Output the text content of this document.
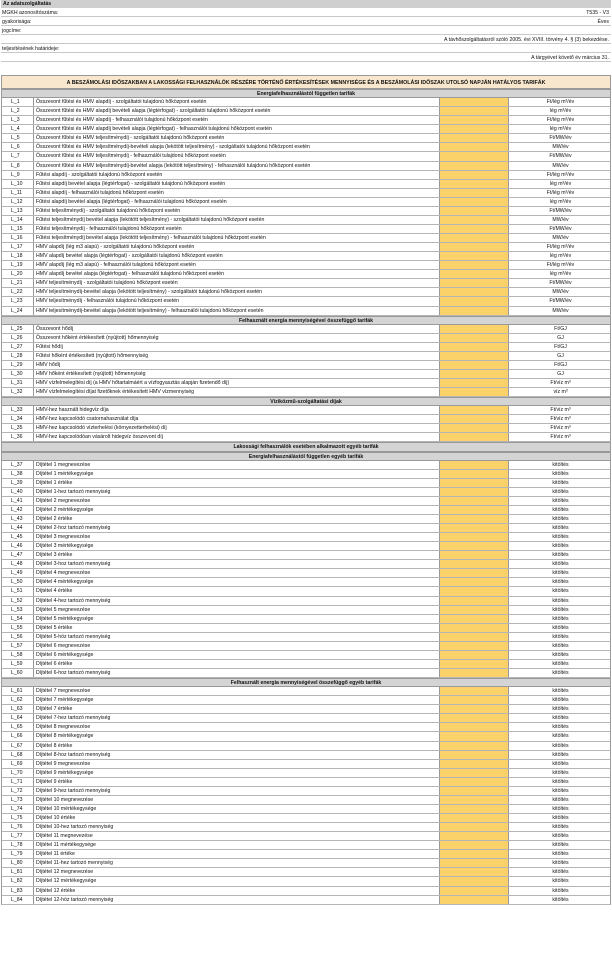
Az adatszolgáltatás
MGKH azonosítószáma:	T535 - V3
gyakorisága:	Éves
jogcíme:
A távhőszolgáltatásról szóló 2005. évi XVIII. törvény 4. § (3) bekezdése.
teljesítésének határideje:
A tárgyévet követő év március 31.
A BESZÁMOLÁSI IDŐSZAKBAN A LAKOSSÁGI FELHASZNÁLÓK RÉSZÉRE TÖRTÉNŐ ÉRTÉKESÍTÉSEK MENNYISÉGE ÉS A BESZÁMOLÁSI IDŐSZAK UTOLSÓ NAPJÁN HATÁLYOS TARIFÁK
Energiafelhasználástól független tarifák
L_1	Összevont fűtési és HMV alapdíj - szolgáltatói tulajdonú hőközpont esetén	Ft/lég m³/év
L_2	Összevont fűtési és HMV alapdíj bevételi alapja (légtérfogat) - szolgáltatói tulajdonú hőközpont esetén	lég m³/év
L_3	Összevont fűtési és HMV alapdíj - felhasználói tulajdonú hőközpont esetén	Ft/lég m³/év
L_4	Összevont fűtési és HMV alapdíj bevételi alapja (légtérfogat) - felhasználói tulajdonú hőközpont esetén	lég m³/év
L_5	Összevont fűtési és HMV teljesítménydíj - szolgáltatói tulajdonú hőközpont esetén	Ft/MW/év
L_6	Összevont fűtési és HMV teljesítménydíj-bevételi alapja (lekötött teljesítmény) - szolgáltatói tulajdonú hőközpont esetén	MW/év
L_7	Összevont fűtési és HMV teljesítménydíj - felhasználói tulajdonú hőközpont esetén	Ft/MW/év
L_8	Összevont fűtési és HMV teljesítménydíj-bevétel alapja (lekötött teljesítmény) - felhasználói tulajdonú hőközpont esetén	MW/év
L_9	Fűtési alapdíj - szolgáltatói tulajdonú hőközpont esetén	Ft/lég m³/év
L_10	Fűtési alapdíj bevétel alapja (légtérfogat) - szolgáltatói tulajdonú hőközpont esetén	lég m³/év
L_11	Fűtési alapdíj - felhasználói tulajdonú hőközpont esetén	Ft/lég m³/év
L_12	Fűtési alapdíj bevétel alapja (légtérfogat) - felhasználói tulajdonú hőközpont esetén	lég m³/év
L_13	Fűtési teljesítménydíj - szolgáltatói tulajdonú hőközpont esetén	Ft/MW/év
L_14	Fűtési teljesítménydíj bevétel alapja (lekötött teljesítmény) - szolgáltatói tulajdonú hőközpont esetén	MW/év
L_15	Fűtési teljesítménydíj - felhasználói tulajdonú hőközpont esetén	Ft/MW/év
L_16	Fűtési teljesítménydíj bevétel alapja (lekötött teljesítmény) - felhasználói tulajdonú hőközpont esetén	MW/év
L_17	HMV alapdíj (lég m3 alapú) - szolgáltatói tulajdonú hőközpont esetén	Ft/lég m³/év
L_18	HMV alapdíj bevétel alapja (légtérfogat) - szolgáltatói tulajdonú hőközpont esetén	lég m³/év
L_19	HMV alapdíj (lég m3 alapú) - felhasználói tulajdonú hőközpont esetén	Ft/lég m³/év
L_20	HMV alapdíj bevétel alapja (légtérfogat) - felhasználói tulajdonú hőközpont esetén	lég m³/év
L_21	HMV teljesítménydíj - szolgáltatói tulajdonú hőközpont esetén	Ft/MW/év
L_22	HMV teljesítménydíj-bevétel alapja (lekötött teljesítmény) - szolgáltatói tulajdonú hőközpont esetén	MW/év
L_23	HMV teljesítménydíj - felhasználói tulajdonú hőközpont esetén	Ft/MW/év
L_24	HMV teljesítménydíj-bevétel alapja (lekötött teljesítmény) - felhasználói tulajdonú hőközpont esetén	MW/év
Felhasznált energia mennyiségével összefüggő tarifák
L_25	Összevont hődíj	Ft/GJ
L_26	Összevont hőként értékesített (nyújtott) hőmennyiség	GJ
L_27	Fűtési hődíj	Ft/GJ
L_28	Fűtési hőként értékesített (nyújtott) hőmennyiség	GJ
L_29	HMV hődíj	Ft/GJ
L_30	HMV hőként értékesített (nyújtott) hőmennyiség	GJ
L_31	HMV vízfelmelegítési díj (a HMV hőtartalmáért a vízfogyasztás alapján fizetendő díj)	Ft/víz m³
L_32	HMV vízfelmelegítési díjat fizetőknek értékesített HMV vízmennyiség	víz m³
Víziközmű-szolgáltatási díjak
L_33	HMV-hez használt hidegvíz díja	Ft/víz m³
L_34	HMV-hez kapcsolódó csatornahasználat díja	Ft/víz m³
L_35	HMV-hez kapcsolódó vízterhelési (környezetterhelési) díj	Ft/víz m³
L_36	HMV-hez kapcsolódóan vásárolt hidegvíz összevont díj	Ft/víz m³
Lakossági felhasználók esetében alkalmazott egyéb tarifák
Energiafelhasználástól független egyéb tarifák
L_37	Díjtétel 1 megnevezése	kitöltés
L_38	Díjtétel 1 mértékegysége	kitöltés
L_39	Díjtétel 1 értéke	kitöltés
L_40	Díjtétel 1-hez tartozó mennyiség	kitöltés
L_41	Díjtétel 2 megnevezése	kitöltés
L_42	Díjtétel 2 mértékegysége	kitöltés
L_43	Díjtétel 2 értéke	kitöltés
L_44	Díjtétel 2-hoz tartozó mennyiség	kitöltés
L_45	Díjtétel 3 megnevezése	kitöltés
L_46	Díjtétel 3 mértékegysége	kitöltés
L_47	Díjtétel 3 értéke	kitöltés
L_48	Díjtétel 3-hoz tartozó mennyiség	kitöltés
L_49	Díjtétel 4 megnevezése	kitöltés
L_50	Díjtétel 4 mértékegysége	kitöltés
L_51	Díjtétel 4 értéke	kitöltés
L_52	Díjtétel 4-hez tartozó mennyiség	kitöltés
L_53	Díjtétel 5 megnevezése	kitöltés
L_54	Díjtétel 5 mértékegysége	kitöltés
L_55	Díjtétel 5 értéke	kitöltés
L_56	Díjtétel 5-höz tartozó mennyiség	kitöltés
L_57	Díjtétel 6 megnevezése	kitöltés
L_58	Díjtétel 6 mértékegysége	kitöltés
L_59	Díjtétel 6 értéke	kitöltés
L_60	Díjtétel 6-hoz tartozó mennyiség	kitöltés
Felhasznált energia mennyiségével összefüggő egyéb tarifák
L_61	Díjtétel 7 megnevezése	kitöltés
L_62	Díjtétel 7 mértékegysége	kitöltés
L_63	Díjtétel 7 értéke	kitöltés
L_64	Díjtétel 7-hez tartozó mennyiség	kitöltés
L_65	Díjtétel 8 megnevezése	kitöltés
L_66	Díjtétel 8 mértékegysége	kitöltés
L_67	Díjtétel 8 értéke	kitöltés
L_68	Díjtétel 8-hoz tartozó mennyiség	kitöltés
L_69	Díjtétel 9 megnevezése	kitöltés
L_70	Díjtétel 9 mértékegysége	kitöltés
L_71	Díjtétel 9 értéke	kitöltés
L_72	Díjtétel 9-hez tartozó mennyiség	kitöltés
L_73	Díjtétel 10 megnevezése	kitöltés
L_74	Díjtétel 10 mértékegysége	kitöltés
L_75	Díjtétel 10 értéke	kitöltés
L_76	Díjtétel 10-hez tartozó mennyiség	kitöltés
L_77	Díjtétel 11 megnevezése	kitöltés
L_78	Díjtétel 11 mértékegysége	kitöltés
L_79	Díjtétel 11 értéke	kitöltés
L_80	Díjtétel 11-hez tartozó mennyiség	kitöltés
L_81	Díjtétel 12 megnevezése	kitöltés
L_82	Díjtétel 12 mértékegysége	kitöltés
L_83	Díjtétel 12 értéke	kitöltés
L_84	Díjtétel 12-höz tartozó mennyiség	kitöltés
